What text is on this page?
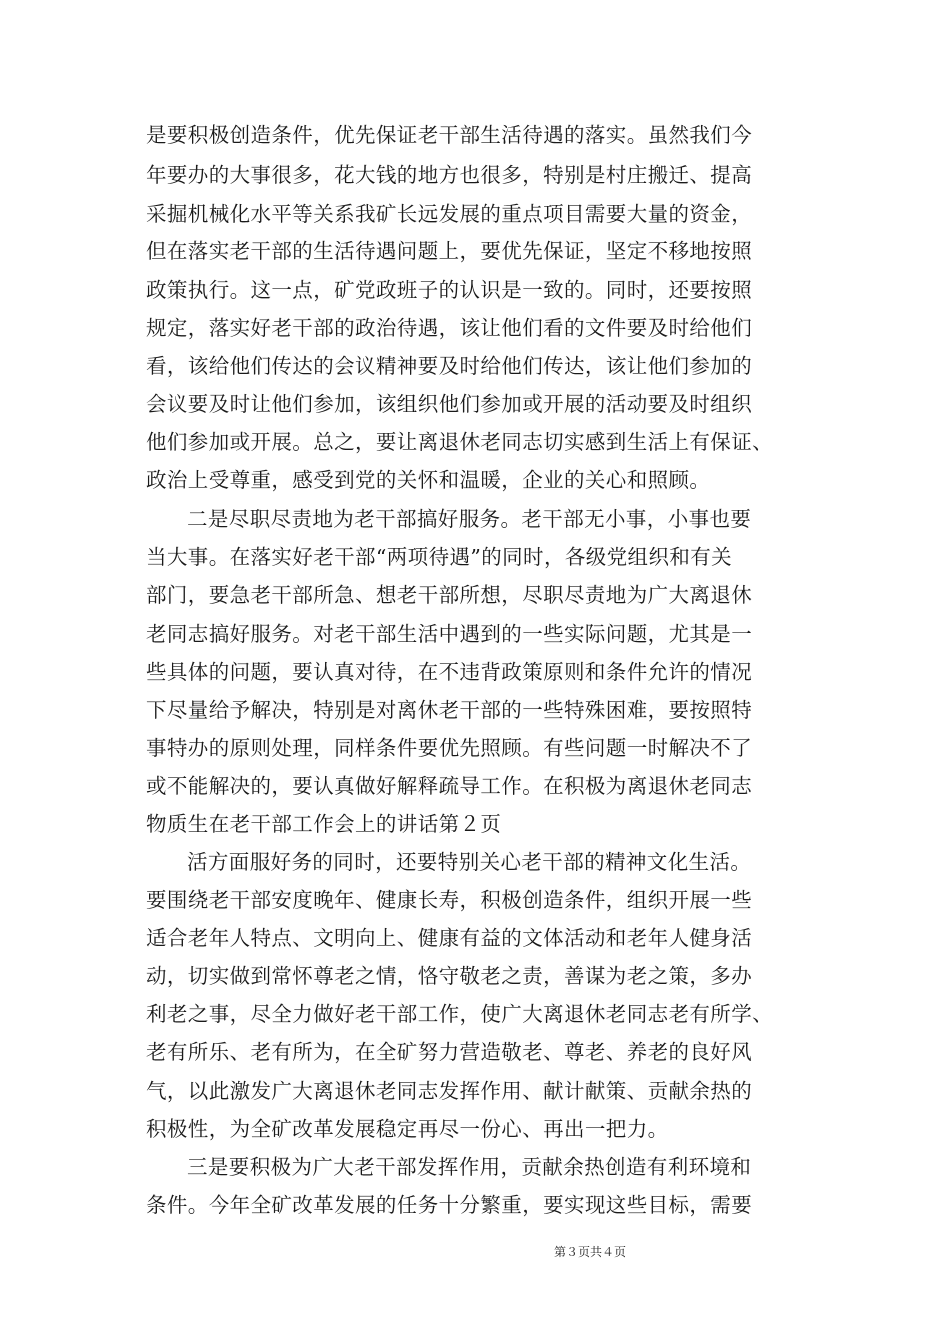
是要积极创造条件，优先保证老干部生活待遇的落实。虽然我们今
年要办的大事很多，花大钱的地方也很多，特别是村庄搬迁、提高
采掘机械化水平等关系我矿长远发展的重点项目需要大量的资金，
但在落实老干部的生活待遇问题上，要优先保证，坚定不移地按照
政策执行。这一点，矿党政班子的认识是一致的。同时，还要按照
规定，落实好老干部的政治待遇，该让他们看的文件要及时给他们
看，该给他们传达的会议精神要及时给他们传达，该让他们参加的
会议要及时让他们参加，该组织他们参加或开展的活动要及时组织
他们参加或开展。总之，要让离退休老同志切实感到生活上有保证、
政治上受尊重，感受到党的关怀和温暖，企业的关心和照顾。
二是尽职尽责地为老干部搞好服务。老干部无小事，小事也要
当大事。在落实好老干部“两项待遇”的同时，各级党组织和有关
部门，要急老干部所急、想老干部所想，尽职尽责地为广大离退休
老同志搞好服务。对老干部生活中遇到的一些实际问题，尤其是一
些具体的问题，要认真对待，在不违背政策原则和条件允许的情况
下尽量给予解决，特别是对离休老干部的一些特殊困难，要按照特
事特办的原则处理，同样条件要优先照顾。有些问题一时解决不了
或不能解决的，要认真做好解释疏导工作。在积极为离退休老同志
物质生在老干部工作会上的讲话第２页
活方面服好务的同时，还要特别关心老干部的精神文化生活。
要围绕老干部安度晚年、健康长寿，积极创造条件，组织开展一些
适合老年人特点、文明向上、健康有益的文体活动和老年人健身活
动，切实做到常怀尊老之情，恪守敬老之责，善谋为老之策，多办
利老之事，尽全力做好老干部工作，使广大离退休老同志老有所学、
老有所乐、老有所为，在全矿努力营造敬老、尊老、养老的良好风
气，以此激发广大离退休老同志发挥作用、献计献策、贡献余热的
积极性，为全矿改革发展稳定再尽一份心、再出一把力。
三是要积极为广大老干部发挥作用，贡献余热创造有利环境和
条件。今年全矿改革发展的任务十分繁重，要实现这些目标，需要
第３页共４页
